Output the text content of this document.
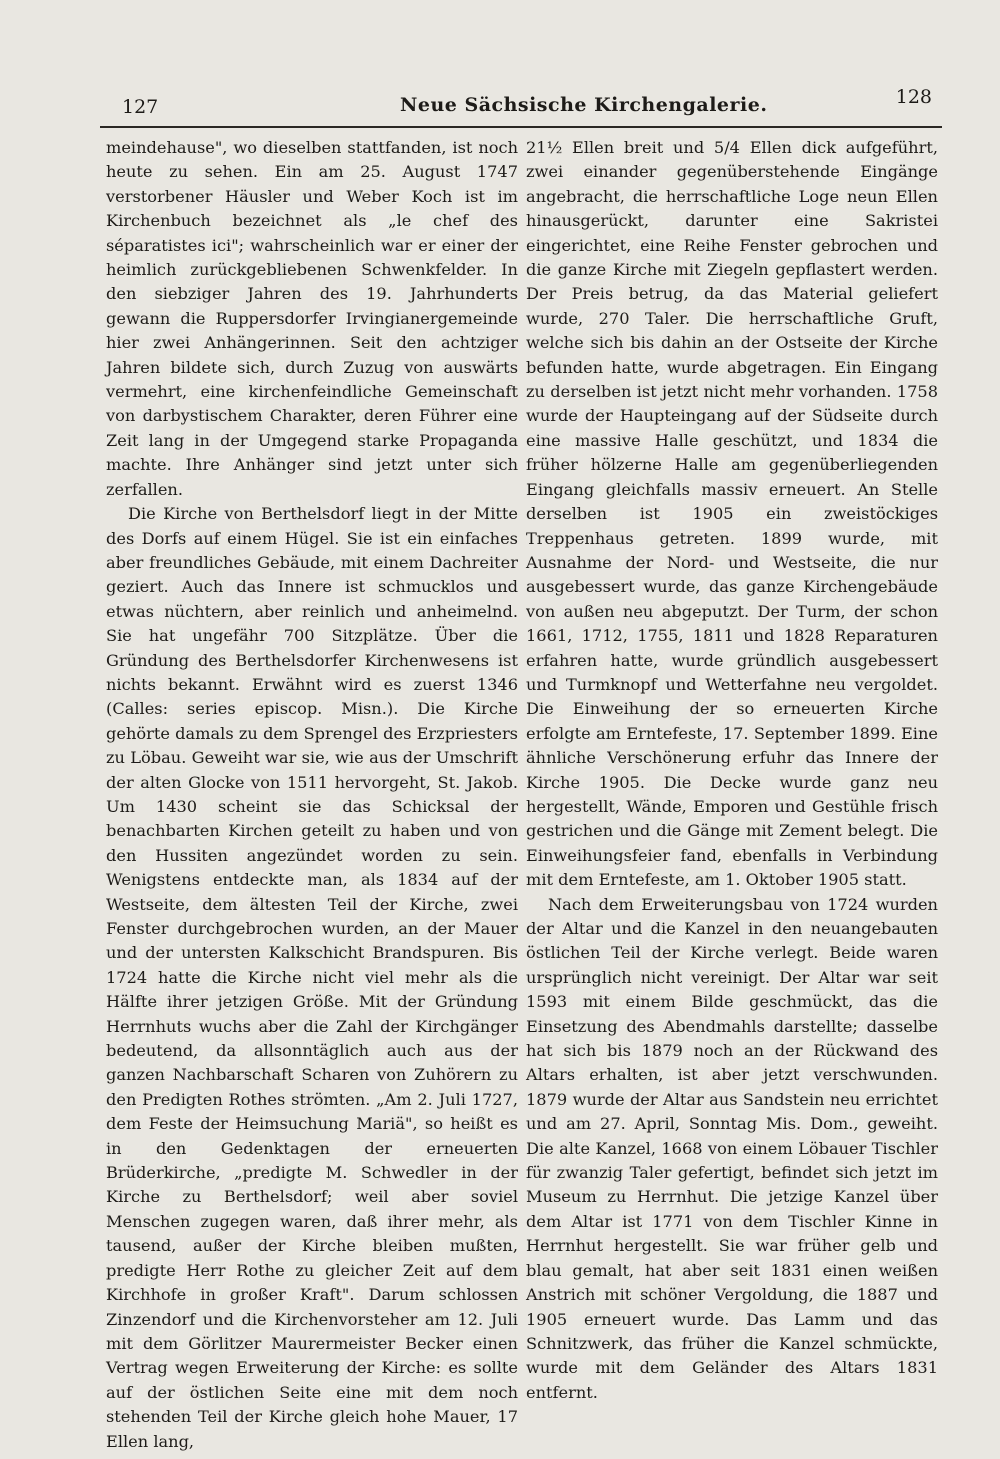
127	Neue Sächsische Kirchengalerie.	128

meindehause", wo dieselben stattfanden, ist noch heute zu sehen. Ein am 25. August 1747 verstorbener Häusler und Weber Koch ist im Kirchenbuch bezeichnet als „le chef des séparatistes ici"; wahrscheinlich war er einer der heimlich zurückgebliebenen Schwenkfelder. In den siebziger Jahren des 19. Jahrhunderts gewann die Ruppersdorfer Irvingianergemeinde hier zwei Anhängerinnen. Seit den achtziger Jahren bildete sich, durch Zuzug von auswärts vermehrt, eine kirchenfeindliche Gemeinschaft von darbystischem Charakter, deren Führer eine Zeit lang in der Umgegend starke Propaganda machte. Ihre Anhänger sind jetzt unter sich zerfallen.

Die Kirche von Berthelsdorf liegt in der Mitte des Dorfs auf einem Hügel. Sie ist ein einfaches aber freundliches Gebäude, mit einem Dachreiter geziert. Auch das Innere ist schmucklos und etwas nüchtern, aber reinlich und anheimelnd. Sie hat ungefähr 700 Sitzplätze. Über die Gründung des Berthelsdorfer Kirchenwesens ist nichts bekannt. Erwähnt wird es zuerst 1346 (Calles: series episcop. Misn.). Die Kirche gehörte damals zu dem Sprengel des Erzpriesters zu Löbau. Geweiht war sie, wie aus der Umschrift der alten Glocke von 1511 hervorgeht, St. Jakob. Um 1430 scheint sie das Schicksal der benachbarten Kirchen geteilt zu haben und von den Hussiten angezündet worden zu sein. Wenigstens entdeckte man, als 1834 auf der Westseite, dem ältesten Teil der Kirche, zwei Fenster durchgebrochen wurden, an der Mauer und der untersten Kalkschicht Brandspuren. Bis 1724 hatte die Kirche nicht viel mehr als die Hälfte ihrer jetzigen Größe. Mit der Gründung Herrnhuts wuchs aber die Zahl der Kirchgänger bedeutend, da allsonntäglich auch aus der ganzen Nachbarschaft Scharen von Zuhörern zu den Predigten Rothes strömten. „Am 2. Juli 1727, dem Feste der Heimsuchung Mariä", so heißt es in den Gedenktagen der erneuerten Brüderkirche, „predigte M. Schwedler in der Kirche zu Berthelsdorf; weil aber soviel Menschen zugegen waren, daß ihrer mehr, als tausend, außer der Kirche bleiben mußten, predigte Herr Rothe zu gleicher Zeit auf dem Kirchhofe in großer Kraft". Darum schlossen Zinzendorf und die Kirchenvorsteher am 12. Juli mit dem Görlitzer Maurermeister Becker einen Vertrag wegen Erweiterung der Kirche: es sollte auf der östlichen Seite eine mit dem noch stehenden Teil der Kirche gleich hohe Mauer, 17 Ellen lang,

21½ Ellen breit und 5/4 Ellen dick aufgeführt, zwei einander gegenüberstehende Eingänge angebracht, die herrschaftliche Loge neun Ellen hinausgerückt, darunter eine Sakristei eingerichtet, eine Reihe Fenster gebrochen und die ganze Kirche mit Ziegeln gepflastert werden. Der Preis betrug, da das Material geliefert wurde, 270 Taler. Die herrschaftliche Gruft, welche sich bis dahin an der Ostseite der Kirche befunden hatte, wurde abgetragen. Ein Eingang zu derselben ist jetzt nicht mehr vorhanden. 1758 wurde der Haupteingang auf der Südseite durch eine massive Halle geschützt, und 1834 die früher hölzerne Halle am gegenüberliegenden Eingang gleichfalls massiv erneuert. An Stelle derselben ist 1905 ein zweistöckiges Treppenhaus getreten. 1899 wurde, mit Ausnahme der Nord- und Westseite, die nur ausgebessert wurde, das ganze Kirchengebäude von außen neu abgeputzt. Der Turm, der schon 1661, 1712, 1755, 1811 und 1828 Reparaturen erfahren hatte, wurde gründlich ausgebessert und Turmknopf und Wetterfahne neu vergoldet. Die Einweihung der so erneuerten Kirche erfolgte am Erntefeste, 17. September 1899. Eine ähnliche Verschönerung erfuhr das Innere der Kirche 1905. Die Decke wurde ganz neu hergestellt, Wände, Emporen und Gestühle frisch gestrichen und die Gänge mit Zement belegt. Die Einweihungsfeier fand, ebenfalls in Verbindung mit dem Erntefeste, am 1. Oktober 1905 statt.

Nach dem Erweiterungsbau von 1724 wurden der Altar und die Kanzel in den neuangebauten östlichen Teil der Kirche verlegt. Beide waren ursprünglich nicht vereinigt. Der Altar war seit 1593 mit einem Bilde geschmückt, das die Einsetzung des Abendmahls darstellte; dasselbe hat sich bis 1879 noch an der Rückwand des Altars erhalten, ist aber jetzt verschwunden. 1879 wurde der Altar aus Sandstein neu errichtet und am 27. April, Sonntag Mis. Dom., geweiht. Die alte Kanzel, 1668 von einem Löbauer Tischler für zwanzig Taler gefertigt, befindet sich jetzt im Museum zu Herrnhut. Die jetzige Kanzel über dem Altar ist 1771 von dem Tischler Kinne in Herrnhut hergestellt. Sie war früher gelb und blau gemalt, hat aber seit 1831 einen weißen Anstrich mit schöner Vergoldung, die 1887 und 1905 erneuert wurde. Das Lamm und das Schnitzwerk, das früher die Kanzel schmückte, wurde mit dem Geländer des Altars 1831 entfernt.
